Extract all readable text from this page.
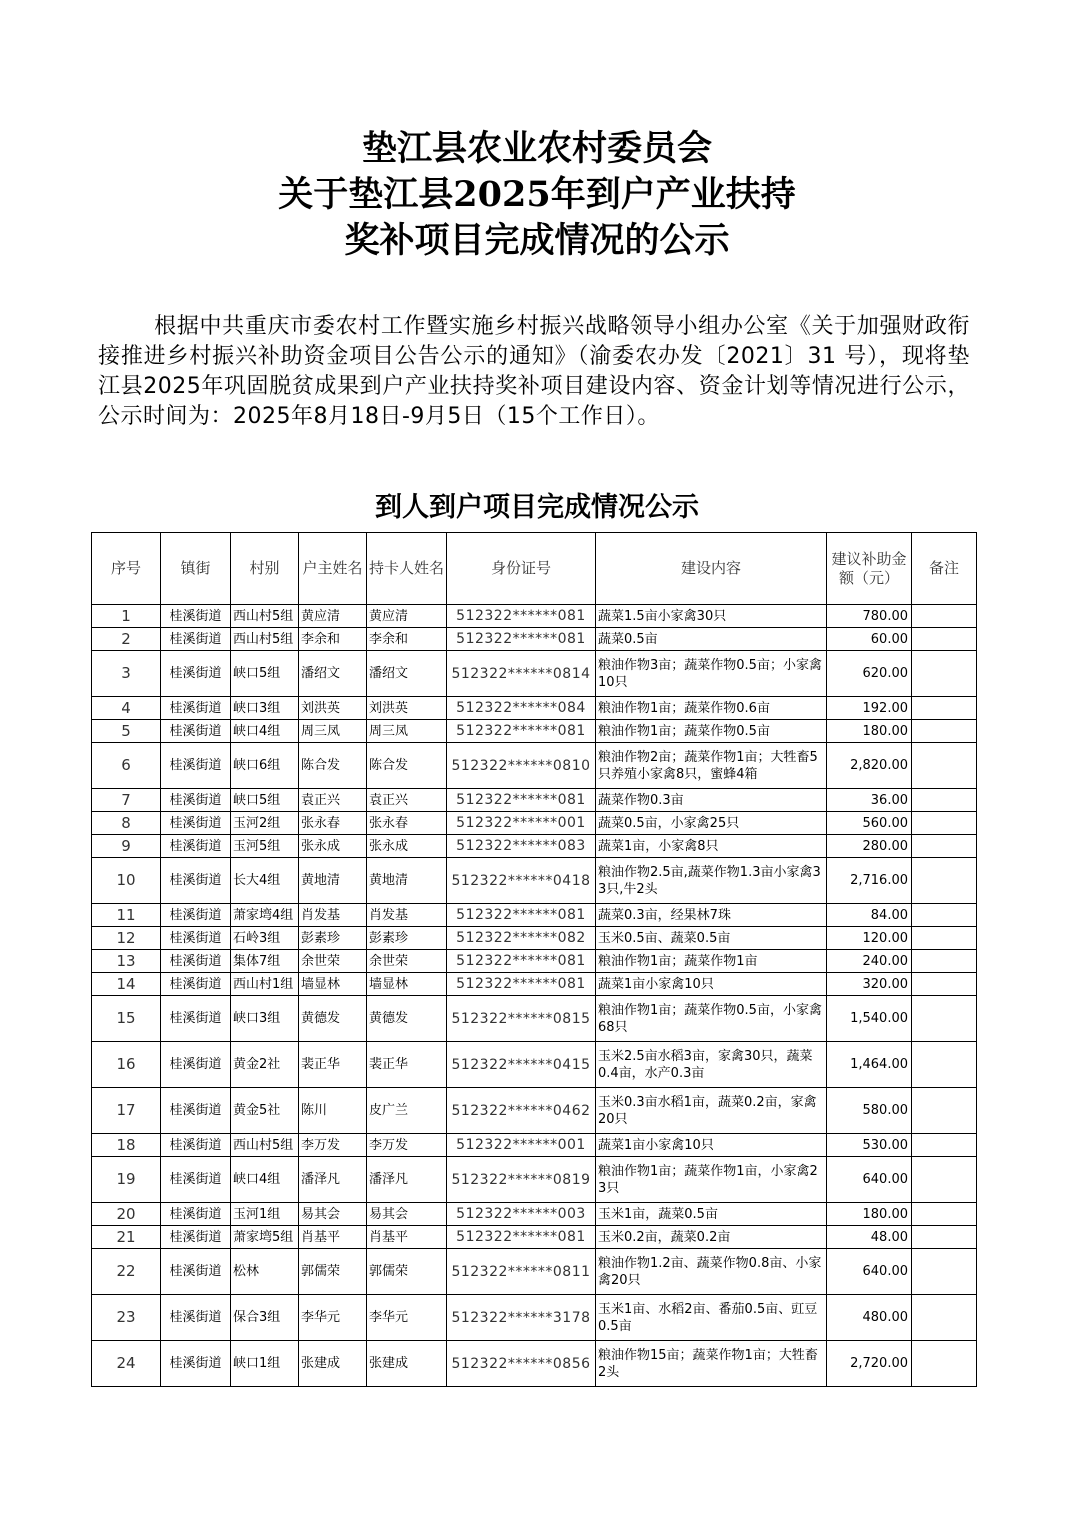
垫江县农业农村委员会
关于垫江县2025年到户产业扶持
奖补项目完成情况的公示
根据中共重庆市委农村工作暨实施乡村振兴战略领导小组办公室《关于加强财政衔接推进乡村振兴补助资金项目公告公示的通知》（渝委农办发〔2021〕31 号），现将垫江县2025年巩固脱贫成果到户产业扶持奖补项目建设内容、资金计划等情况进行公示，公示时间为：2025年8月18日-9月5日（15个工作日）。
到人到户项目完成情况公示
序号	镇街	村别	户主姓名	持卡人姓名	身份证号	建设内容	建议补助金额（元）	备注
1	桂溪街道	西山村5组	黄应清	黄应清	512322******081	蔬菜1.5亩小家禽30只	780.00	
2	桂溪街道	西山村5组	李余和	李余和	512322******081	蔬菜0.5亩	60.00	
3	桂溪街道	峡口5组	潘绍文	潘绍文	512322******0814	粮油作物3亩；蔬菜作物0.5亩；小家禽10只	620.00	
4	桂溪街道	峡口3组	刘洪英	刘洪英	512322******084	粮油作物1亩；蔬菜作物0.6亩	192.00	
5	桂溪街道	峡口4组	周三凤	周三凤	512322******081	粮油作物1亩；蔬菜作物0.5亩	180.00	
6	桂溪街道	峡口6组	陈合发	陈合发	512322******0810	粮油作物2亩；蔬菜作物1亩；大牲畜5只养殖小家禽8只，蜜蜂4箱	2,820.00	
7	桂溪街道	峡口5组	袁正兴	袁正兴	512322******081	蔬菜作物0.3亩	36.00	
8	桂溪街道	玉河2组	张永春	张永春	512322******001	蔬菜0.5亩，小家禽25只	560.00	
9	桂溪街道	玉河5组	张永成	张永成	512322******083	蔬菜1亩，小家禽8只	280.00	
10	桂溪街道	长大4组	黄地清	黄地清	512322******0418	粮油作物2.5亩,蔬菜作物1.3亩小家禽33只,牛2头	2,716.00	
11	桂溪街道	萧家塆4组	肖发基	肖发基	512322******081	蔬菜0.3亩，经果林7珠	84.00	
12	桂溪街道	石岭3组	彭素珍	彭素珍	512322******082	玉米0.5亩、蔬菜0.5亩	120.00	
13	桂溪街道	集体7组	余世荣	余世荣	512322******081	粮油作物1亩；蔬菜作物1亩	240.00	
14	桂溪街道	西山村1组	墙显林	墙显林	512322******081	蔬菜1亩小家禽10只	320.00	
15	桂溪街道	峡口3组	黄德发	黄德发	512322******0815	粮油作物1亩；蔬菜作物0.5亩，小家禽68只	1,540.00	
16	桂溪街道	黄金2社	裴正华	裴正华	512322******0415	玉米2.5亩水稻3亩，家禽30只，蔬菜0.4亩，水产0.3亩	1,464.00	
17	桂溪街道	黄金5社	陈川	皮广兰	512322******0462	玉米0.3亩水稻1亩，蔬菜0.2亩，家禽20只	580.00	
18	桂溪街道	西山村5组	李万发	李万发	512322******001	蔬菜1亩小家禽10只	530.00	
19	桂溪街道	峡口4组	潘泽凡	潘泽凡	512322******0819	粮油作物1亩；蔬菜作物1亩，小家禽23只	640.00	
20	桂溪街道	玉河1组	易其会	易其会	512322******003	玉米1亩，蔬菜0.5亩	180.00	
21	桂溪街道	萧家塆5组	肖基平	肖基平	512322******081	玉米0.2亩，蔬菜0.2亩	48.00	
22	桂溪街道	松林	郭儒荣	郭儒荣	512322******0811	粮油作物1.2亩、蔬菜作物0.8亩、小家禽20只	640.00	
23	桂溪街道	保合3组	李华元	李华元	512322******3178	玉米1亩、水稻2亩、番茄0.5亩、豇豆0.5亩	480.00	
24	桂溪街道	峡口1组	张建成	张建成	512322******0856	粮油作物15亩；蔬菜作物1亩；大牲畜2头	2,720.00	
